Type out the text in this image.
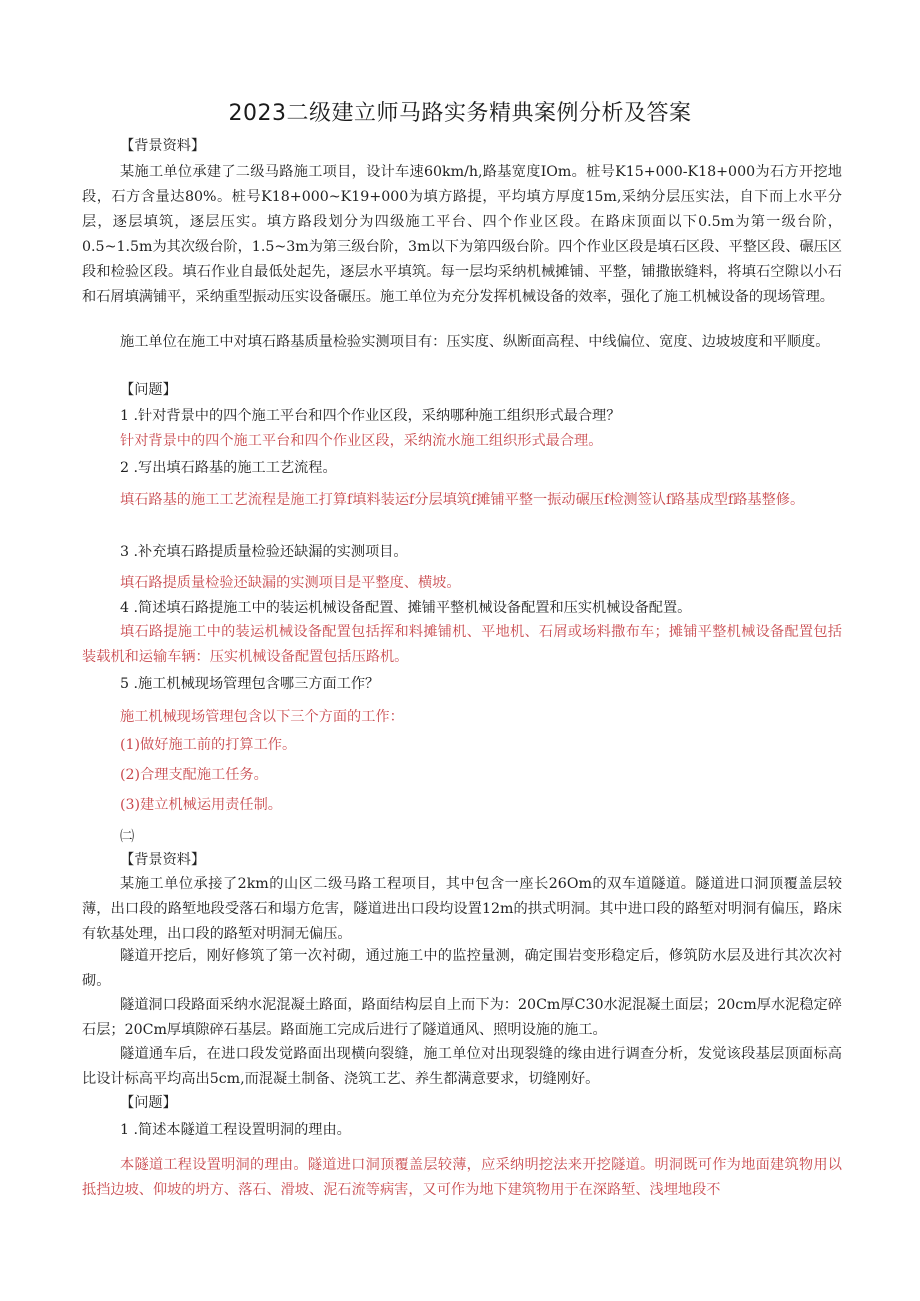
2023二级建立师马路实务精典案例分析及答案
【背景资料】
某施工单位承建了二级马路施工项目，设计车速60km/h,路基宽度IOm。桩号K15+000-K18+000为石方开挖地段，石方含量达80%。桩号K18+000~K19+000为填方路提，平均填方厚度15m,采纳分层压实法，自下而上水平分层，逐层填筑，逐层压实。填方路段划分为四级施工平台、四个作业区段。在路床顶面以下0.5m为第一级台阶，0.5~1.5m为其次级台阶，1.5~3m为第三级台阶，3m以下为第四级台阶。四个作业区段是填石区段、平整区段、碾压区段和检验区段。填石作业自最低处起先，逐层水平填筑。每一层均采纳机械摊铺、平整，铺撒嵌缝料，将填石空隙以小石和石屑填满铺平，采纳重型振动压实设备碾压。施工单位为充分发挥机械设备的效率，强化了施工机械设备的现场管理。
施工单位在施工中对填石路基质量检验实测项目有：压实度、纵断面高程、中线偏位、宽度、边坡坡度和平顺度。
【问题】
1 .针对背景中的四个施工平台和四个作业区段，采纳哪种施工组织形式最合理？
针对背景中的四个施工平台和四个作业区段，采纳流水施工组织形式最合理。
2 .写出填石路基的施工工艺流程。
填石路基的施工工艺流程是施工打算f填料装运f分层填筑f摊铺平整一振动碾压f检测签认f路基成型f路基整修。
3 .补充填石路提质量检验还缺漏的实测项目。
填石路提质量检验还缺漏的实测项目是平整度、横坡。
4 .简述填石路提施工中的装运机械设备配置、摊铺平整机械设备配置和压实机械设备配置。
填石路提施工中的装运机械设备配置包括挥和料摊铺机、平地机、石屑或场料撒布车；摊铺平整机械设备配置包括装载机和运输车辆：压实机械设备配置包括压路机。
5 .施工机械现场管理包含哪三方面工作？
施工机械现场管理包含以下三个方面的工作：
(1)做好施工前的打算工作。
(2)合理支配施工任务。
(3)建立机械运用责任制。
㈡
【背景资料】
某施工单位承接了2km的山区二级马路工程项目，其中包含一座长26Om的双车道隧道。隧道进口洞顶覆盖层较薄，出口段的路堑地段受落石和塌方危害，隧道进出口段均设置12m的拱式明洞。其中进口段的路堑对明洞有偏压，路床有软基处理，出口段的路堑对明洞无偏压。
隧道开挖后，刚好修筑了第一次衬砌，通过施工中的监控量测，确定围岩变形稳定后，修筑防水层及进行其次次衬砌。
隧道洞口段路面采纳水泥混凝土路面，路面结构层自上而下为：20Cm厚C30水泥混凝土面层；20cm厚水泥稳定碎石层；20Cm厚填隙碎石基层。路面施工完成后进行了隧道通风、照明设施的施工。
隧道通车后，在进口段发觉路面出现横向裂缝，施工单位对出现裂缝的缘由进行调查分析，发觉该段基层顶面标高比设计标高平均高出5cm,而混凝土制备、浇筑工艺、养生都满意要求，切缝刚好。
【问题】
1 .简述本隧道工程设置明洞的理由。
本隧道工程设置明洞的理由。隧道进口洞顶覆盖层较薄，应采纳明挖法来开挖隧道。明洞既可作为地面建筑物用以抵挡边坡、仰坡的坍方、落石、滑坡、泥石流等病害，又可作为地下建筑物用于在深路堑、浅埋地段不
